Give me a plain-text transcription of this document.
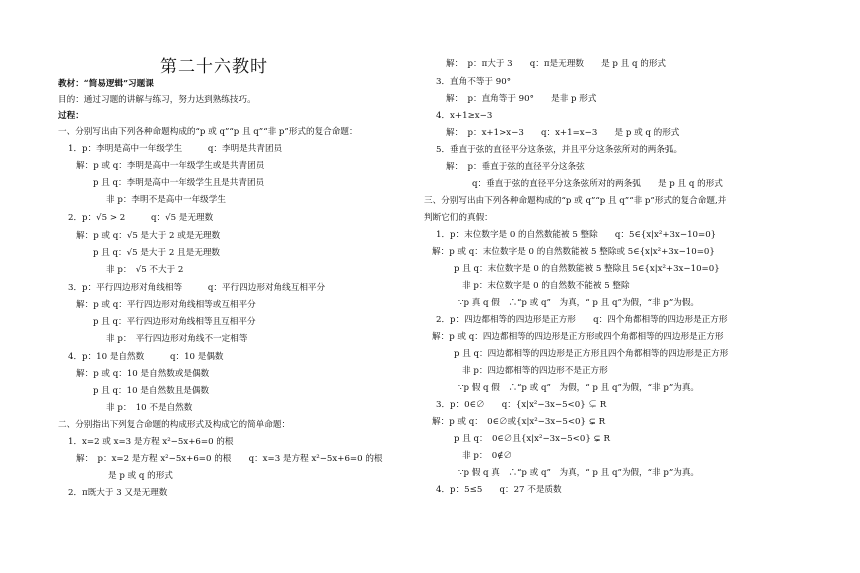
第二十六教时
教材：“简易逻辑”习题课
目的：通过习题的讲解与练习，努力达到熟练技巧。
过程：
一、分别写出由下列各种命题构成的“p 或 q”“p 且 q”“非 p”形式的复合命题：
1．p：李明是高中一年级学生　　　q：李明是共青团员
解：p 或 q：李明是高中一年级学生或是共青团员
p 且 q：李明是高中一年级学生且是共青团员
非 p：李明不是高中一年级学生
2．p：√5 > 2　　　q：√5 是无理数
解：p 或 q：√5 是大于 2 或是无理数
p 且 q：√5 是大于 2 且是无理数
非 p：　√5 不大于 2
3．p：平行四边形对角线相等　　　q：平行四边形对角线互相平分
解：p 或 q：平行四边形对角线相等或互相平分
p 且 q：平行四边形对角线相等且互相平分
非 p：　平行四边形对角线不一定相等
4．p：10 是自然数　　　q：10 是偶数
解：p 或 q：10 是自然数或是偶数
p 且 q：10 是自然数且是偶数
非 p：　10 不是自然数
二、分别指出下列复合命题的构成形式及构成它的简单命题：
1．x=2 或 x=3 是方程 x²−5x+6=0 的根
解：　p：x=2 是方程 x²−5x+6=0 的根　　q：x=3 是方程 x²−5x+6=0 的根
是 p 或 q 的形式
2．π既大于 3 又是无理数
解：　p：π大于 3　　q：π是无理数　　是 p 且 q 的形式
3．直角不等于 90°
解：　p：直角等于 90°　　是非 p 形式
4．x+1≥x−3
解：　p：x+1>x−3　　q：x+1=x−3　　是 p 或 q 的形式
5．垂直于弦的直径平分这条弦，并且平分这条弦所对的两条弧。
解：　p：垂直于弦的直径平分这条弦
q：垂直于弦的直径平分这条弦所对的两条弧　　是 p 且 q 的形式
三、分别写出由下列各种命题构成的“p 或 q”“p 且 q”“非 p”形式的复合命题,并
判断它们的真假：
1．p：末位数字是 0 的自然数能被 5 整除　　q：5∈{x|x²+3x−10=0}
解：p 或 q：末位数字是 0 的自然数能被 5 整除或 5∈{x|x²+3x−10=0}
p 且 q：末位数字是 0 的自然数能被 5 整除且 5∈{x|x²+3x−10=0}
非 p：末位数字是 0 的自然数不能被 5 整除
∵p 真 q 假　∴“p 或 q”　为真，“ p 且 q”为假，“非 p”为假。
2．p：四边都相等的四边形是正方形　　q：四个角都相等的四边形是正方形
解：p 或 q：四边都相等的四边形是正方形或四个角都相等的四边形是正方形
p 且 q：四边都相等的四边形是正方形且四个角都相等的四边形是正方形
非 p：四边都相等的四边形不是正方形
∵p 假 q 假　∴“p 或 q”　为假，“ p 且 q”为假，“非 p”为真。
3．p：0∈∅　　q：{x|x²−3x−5<0} ⊊ R
解：p 或 q：　0∈∅或{x|x²−3x−5<0} ⊊ R
p 且 q：　0∈∅且{x|x²−3x−5<0} ⊊ R
非 p：　0∉∅
∵p 假 q 真　∴“p 或 q”　为真，“ p 且 q”为假，“非 p”为真。
4．p：5≤5　　q：27 不是质数
